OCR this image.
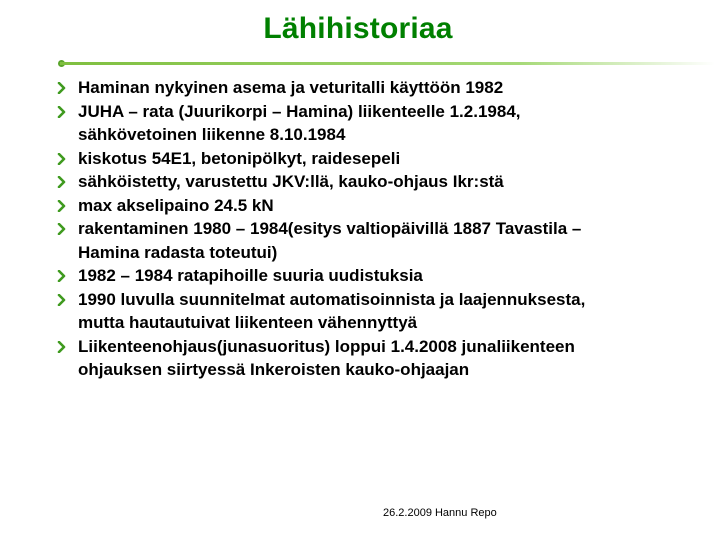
Lähihistoriaa
Haminan nykyinen asema ja veturitalli käyttöön 1982
JUHA – rata (Juurikorpi – Hamina) liikenteelle 1.2.1984,
sähkövetoinen liikenne 8.10.1984
kiskotus 54E1, betonipölkyt, raidesepeli
sähköistetty, varustettu JKV:llä, kauko-ohjaus Ikr:stä
max akselipaino 24.5 kN
rakentaminen 1980 – 1984(esitys valtiopäivillä 1887 Tavastila –
Hamina radasta toteutui)
1982 – 1984 ratapihoille suuria uudistuksia
1990 luvulla suunnitelmat automatisoinnista ja laajennuksesta,
mutta hautautuivat liikenteen vähennyttyä
Liikenteenohjaus(junasuoritus) loppui 1.4.2008 junaliikenteen
ohjauksen siirtyessä Inkeroisten kauko-ohjaajan
26.2.2009 Hannu Repo
